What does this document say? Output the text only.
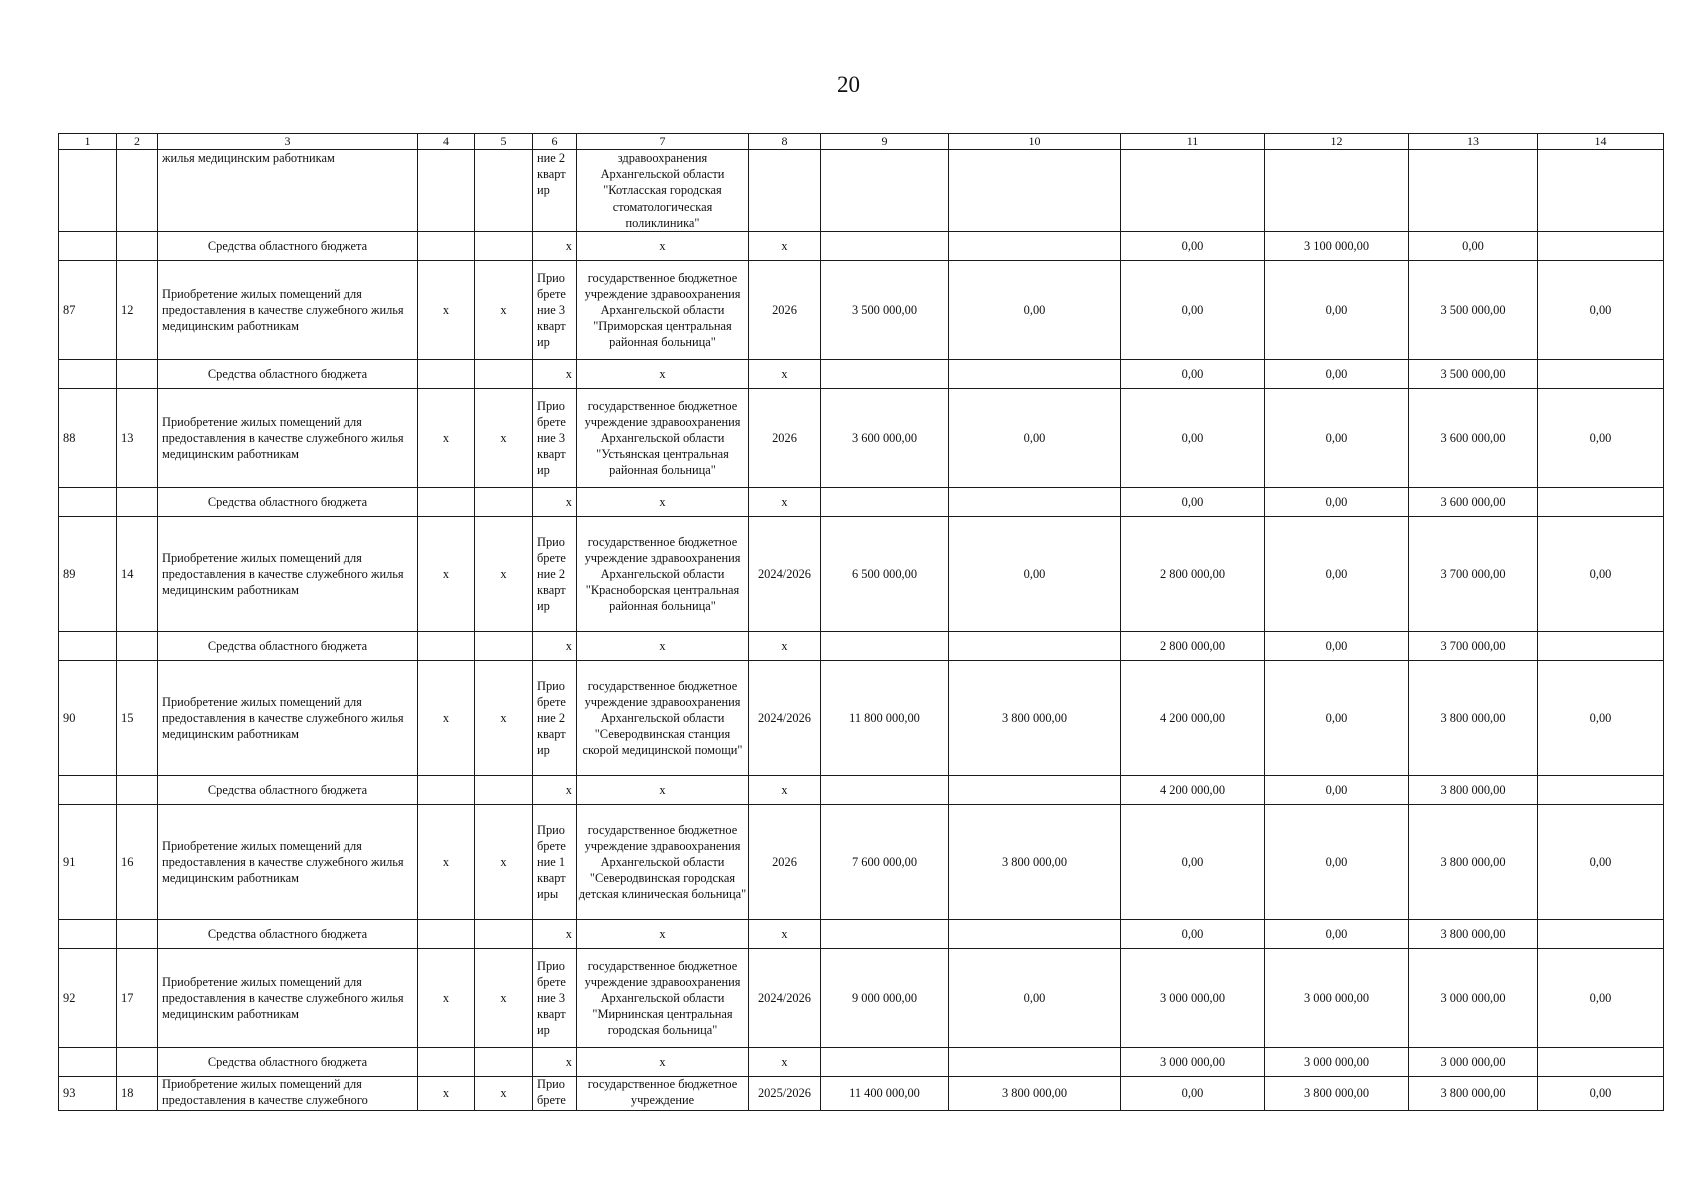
20
1	2	3	4	5	6	7	8	9	10	11	12	13	14
		жилья медицинским работникам			ние 2 кварт ир	здравоохранения Архангельской области "Котласская городская стоматологическая поликлиника"							
		Средства областного бюджета			x	x	x			0,00	3 100 000,00	0,00	
87	12	Приобретение жилых помещений для предоставления в качестве служебного жилья медицинским работникам	x	x	Прио брете ние 3 кварт ир	государственное бюджетное учреждение здравоохранения Архангельской области "Приморская центральная районная больница"	2026	3 500 000,00	0,00	0,00	0,00	3 500 000,00	0,00
		Средства областного бюджета			x	x	x			0,00	0,00	3 500 000,00	
88	13	Приобретение жилых помещений для предоставления в качестве служебного жилья медицинским работникам	x	x	Прио брете ние 3 кварт ир	государственное бюджетное учреждение здравоохранения Архангельской области "Устьянская центральная районная больница"	2026	3 600 000,00	0,00	0,00	0,00	3 600 000,00	0,00
		Средства областного бюджета			x	x	x			0,00	0,00	3 600 000,00	
89	14	Приобретение жилых помещений для предоставления в качестве служебного жилья медицинским работникам	x	x	Прио брете ние 2 кварт ир	государственное бюджетное учреждение здравоохранения Архангельской области "Красноборская центральная районная больница"	2024/2026	6 500 000,00	0,00	2 800 000,00	0,00	3 700 000,00	0,00
		Средства областного бюджета			x	x	x			2 800 000,00	0,00	3 700 000,00	
90	15	Приобретение жилых помещений для предоставления в качестве служебного жилья медицинским работникам	x	x	Прио брете ние 2 кварт ир	государственное бюджетное учреждение здравоохранения Архангельской области "Северодвинская станция скорой медицинской помощи"	2024/2026	11 800 000,00	3 800 000,00	4 200 000,00	0,00	3 800 000,00	0,00
		Средства областного бюджета			x	x	x			4 200 000,00	0,00	3 800 000,00	
91	16	Приобретение жилых помещений для предоставления в качестве служебного жилья медицинским работникам	x	x	Прио брете ние 1 кварт иры	государственное бюджетное учреждение здравоохранения Архангельской области "Северодвинская городская детская клиническая больница"	2026	7 600 000,00	3 800 000,00	0,00	0,00	3 800 000,00	0,00
		Средства областного бюджета			x	x	x			0,00	0,00	3 800 000,00	
92	17	Приобретение жилых помещений для предоставления в качестве служебного жилья медицинским работникам	x	x	Прио брете ние 3 кварт ир	государственное бюджетное учреждение здравоохранения Архангельской области "Мирнинская центральная городская больница"	2024/2026	9 000 000,00	0,00	3 000 000,00	3 000 000,00	3 000 000,00	0,00
		Средства областного бюджета			x	x	x			3 000 000,00	3 000 000,00	3 000 000,00	
93	18	Приобретение жилых помещений для предоставления в качестве служебного	x	x	Прио брете	государственное бюджетное учреждение	2025/2026	11 400 000,00	3 800 000,00	0,00	3 800 000,00	3 800 000,00	0,00
